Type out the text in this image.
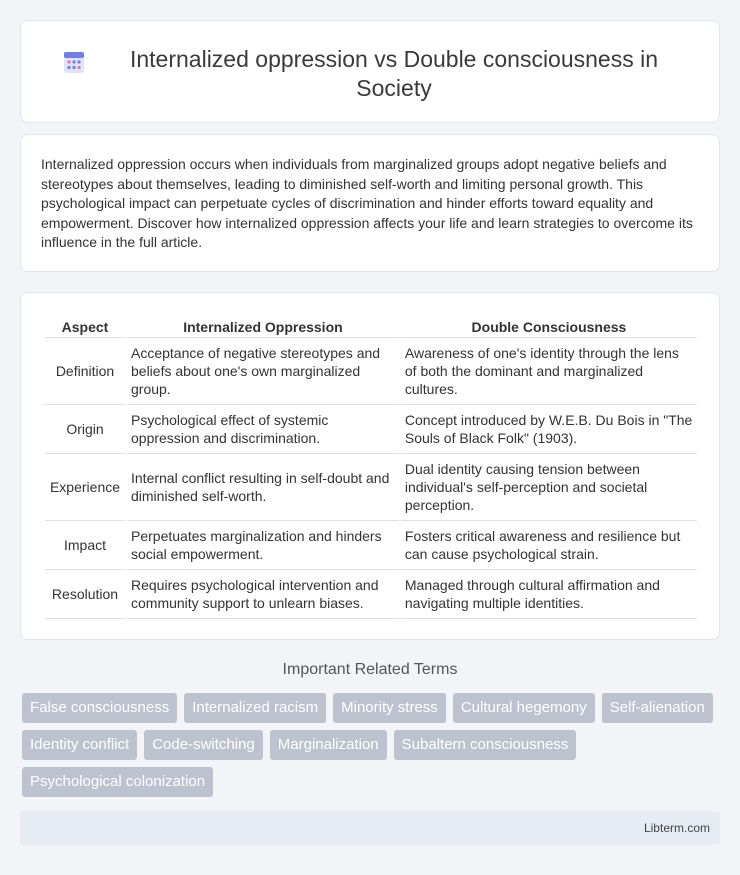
Internalized oppression vs Double consciousness in Society

Internalized oppression occurs when individuals from marginalized groups adopt negative beliefs and stereotypes about themselves, leading to diminished self-worth and limiting personal growth. This psychological impact can perpetuate cycles of discrimination and hinder efforts toward equality and empowerment. Discover how internalized oppression affects your life and learn strategies to overcome its influence in the full article.

Aspect	Internalized Oppression	Double Consciousness
Definition	Acceptance of negative stereotypes and beliefs about one's own marginalized group.	Awareness of one's identity through the lens of both the dominant and marginalized cultures.
Origin	Psychological effect of systemic oppression and discrimination.	Concept introduced by W.E.B. Du Bois in "The Souls of Black Folk" (1903).
Experience	Internal conflict resulting in self-doubt and diminished self-worth.	Dual identity causing tension between individual's self-perception and societal perception.
Impact	Perpetuates marginalization and hinders social empowerment.	Fosters critical awareness and resilience but can cause psychological strain.
Resolution	Requires psychological intervention and community support to unlearn biases.	Managed through cultural affirmation and navigating multiple identities.
Important Related Terms
False consciousness	Internalized racism	Minority stress	Cultural hegemony	Self-alienation
Identity conflict	Code-switching	Marginalization	Subaltern consciousness
Psychological colonization
Libterm.com
